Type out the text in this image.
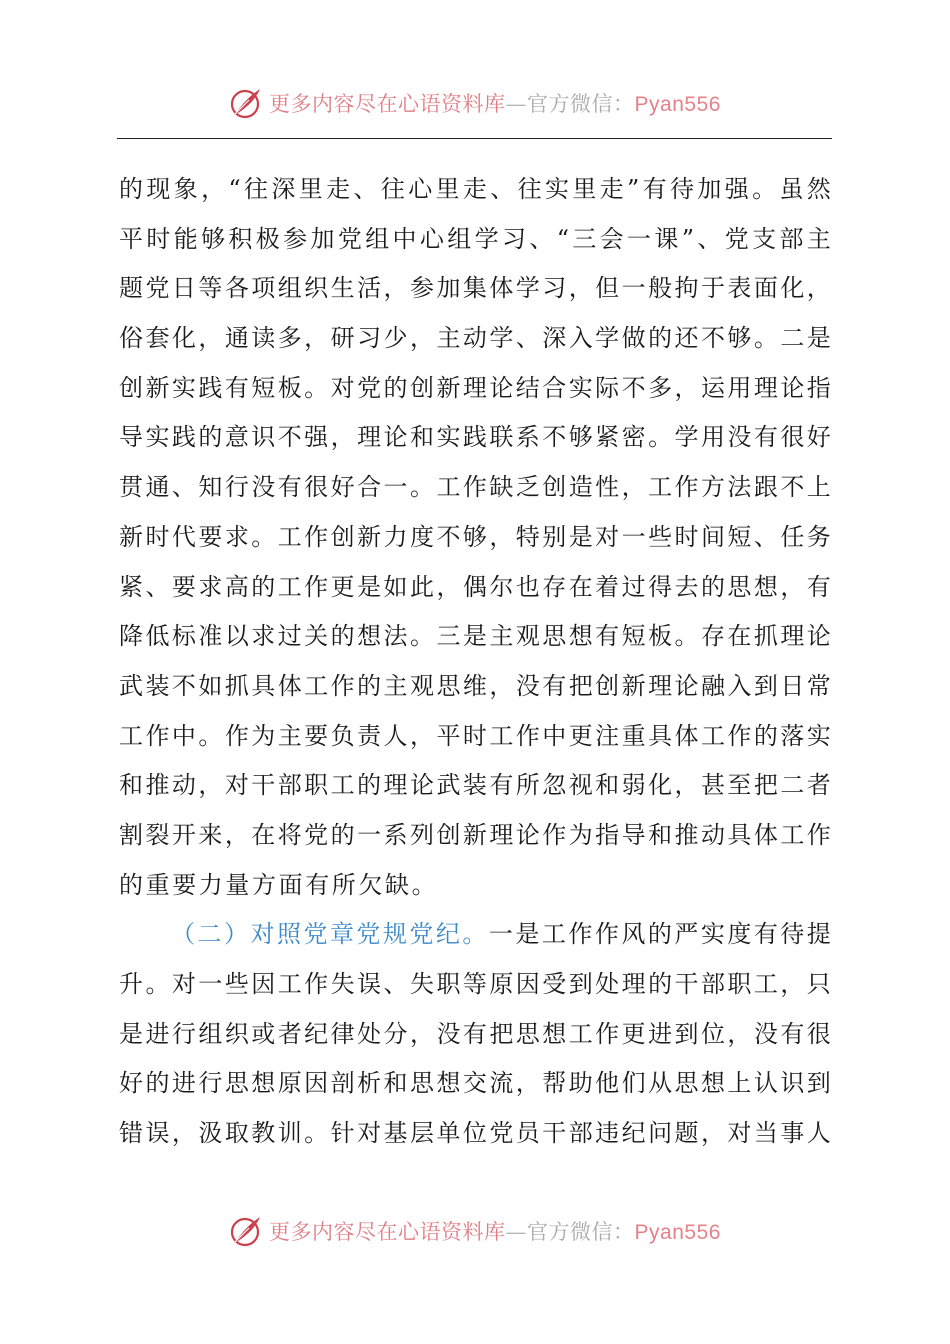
更多内容尽在心语资料库—官方微信：Pyan556
的现象，“往深里走、往心里走、往实里走”有待加强。虽然
平时能够积极参加党组中心组学习、“三会一课”、党支部主
题党日等各项组织生活，参加集体学习，但一般拘于表面化，
俗套化，通读多，研习少，主动学、深入学做的还不够。二是
创新实践有短板。对党的创新理论结合实际不多，运用理论指
导实践的意识不强，理论和实践联系不够紧密。学用没有很好
贯通、知行没有很好合一。工作缺乏创造性，工作方法跟不上
新时代要求。工作创新力度不够，特别是对一些时间短、任务
紧、要求高的工作更是如此，偶尔也存在着过得去的思想，有
降低标准以求过关的想法。三是主观思想有短板。存在抓理论
武装不如抓具体工作的主观思维，没有把创新理论融入到日常
工作中。作为主要负责人，平时工作中更注重具体工作的落实
和推动，对干部职工的理论武装有所忽视和弱化，甚至把二者
割裂开来，在将党的一系列创新理论作为指导和推动具体工作
的重要力量方面有所欠缺。
（二）对照党章党规党纪。一是工作作风的严实度有待提
升。对一些因工作失误、失职等原因受到处理的干部职工，只
是进行组织或者纪律处分，没有把思想工作更进到位，没有很
好的进行思想原因剖析和思想交流，帮助他们从思想上认识到
错误，汲取教训。针对基层单位党员干部违纪问题，对当事人
更多内容尽在心语资料库—官方微信：Pyan556
